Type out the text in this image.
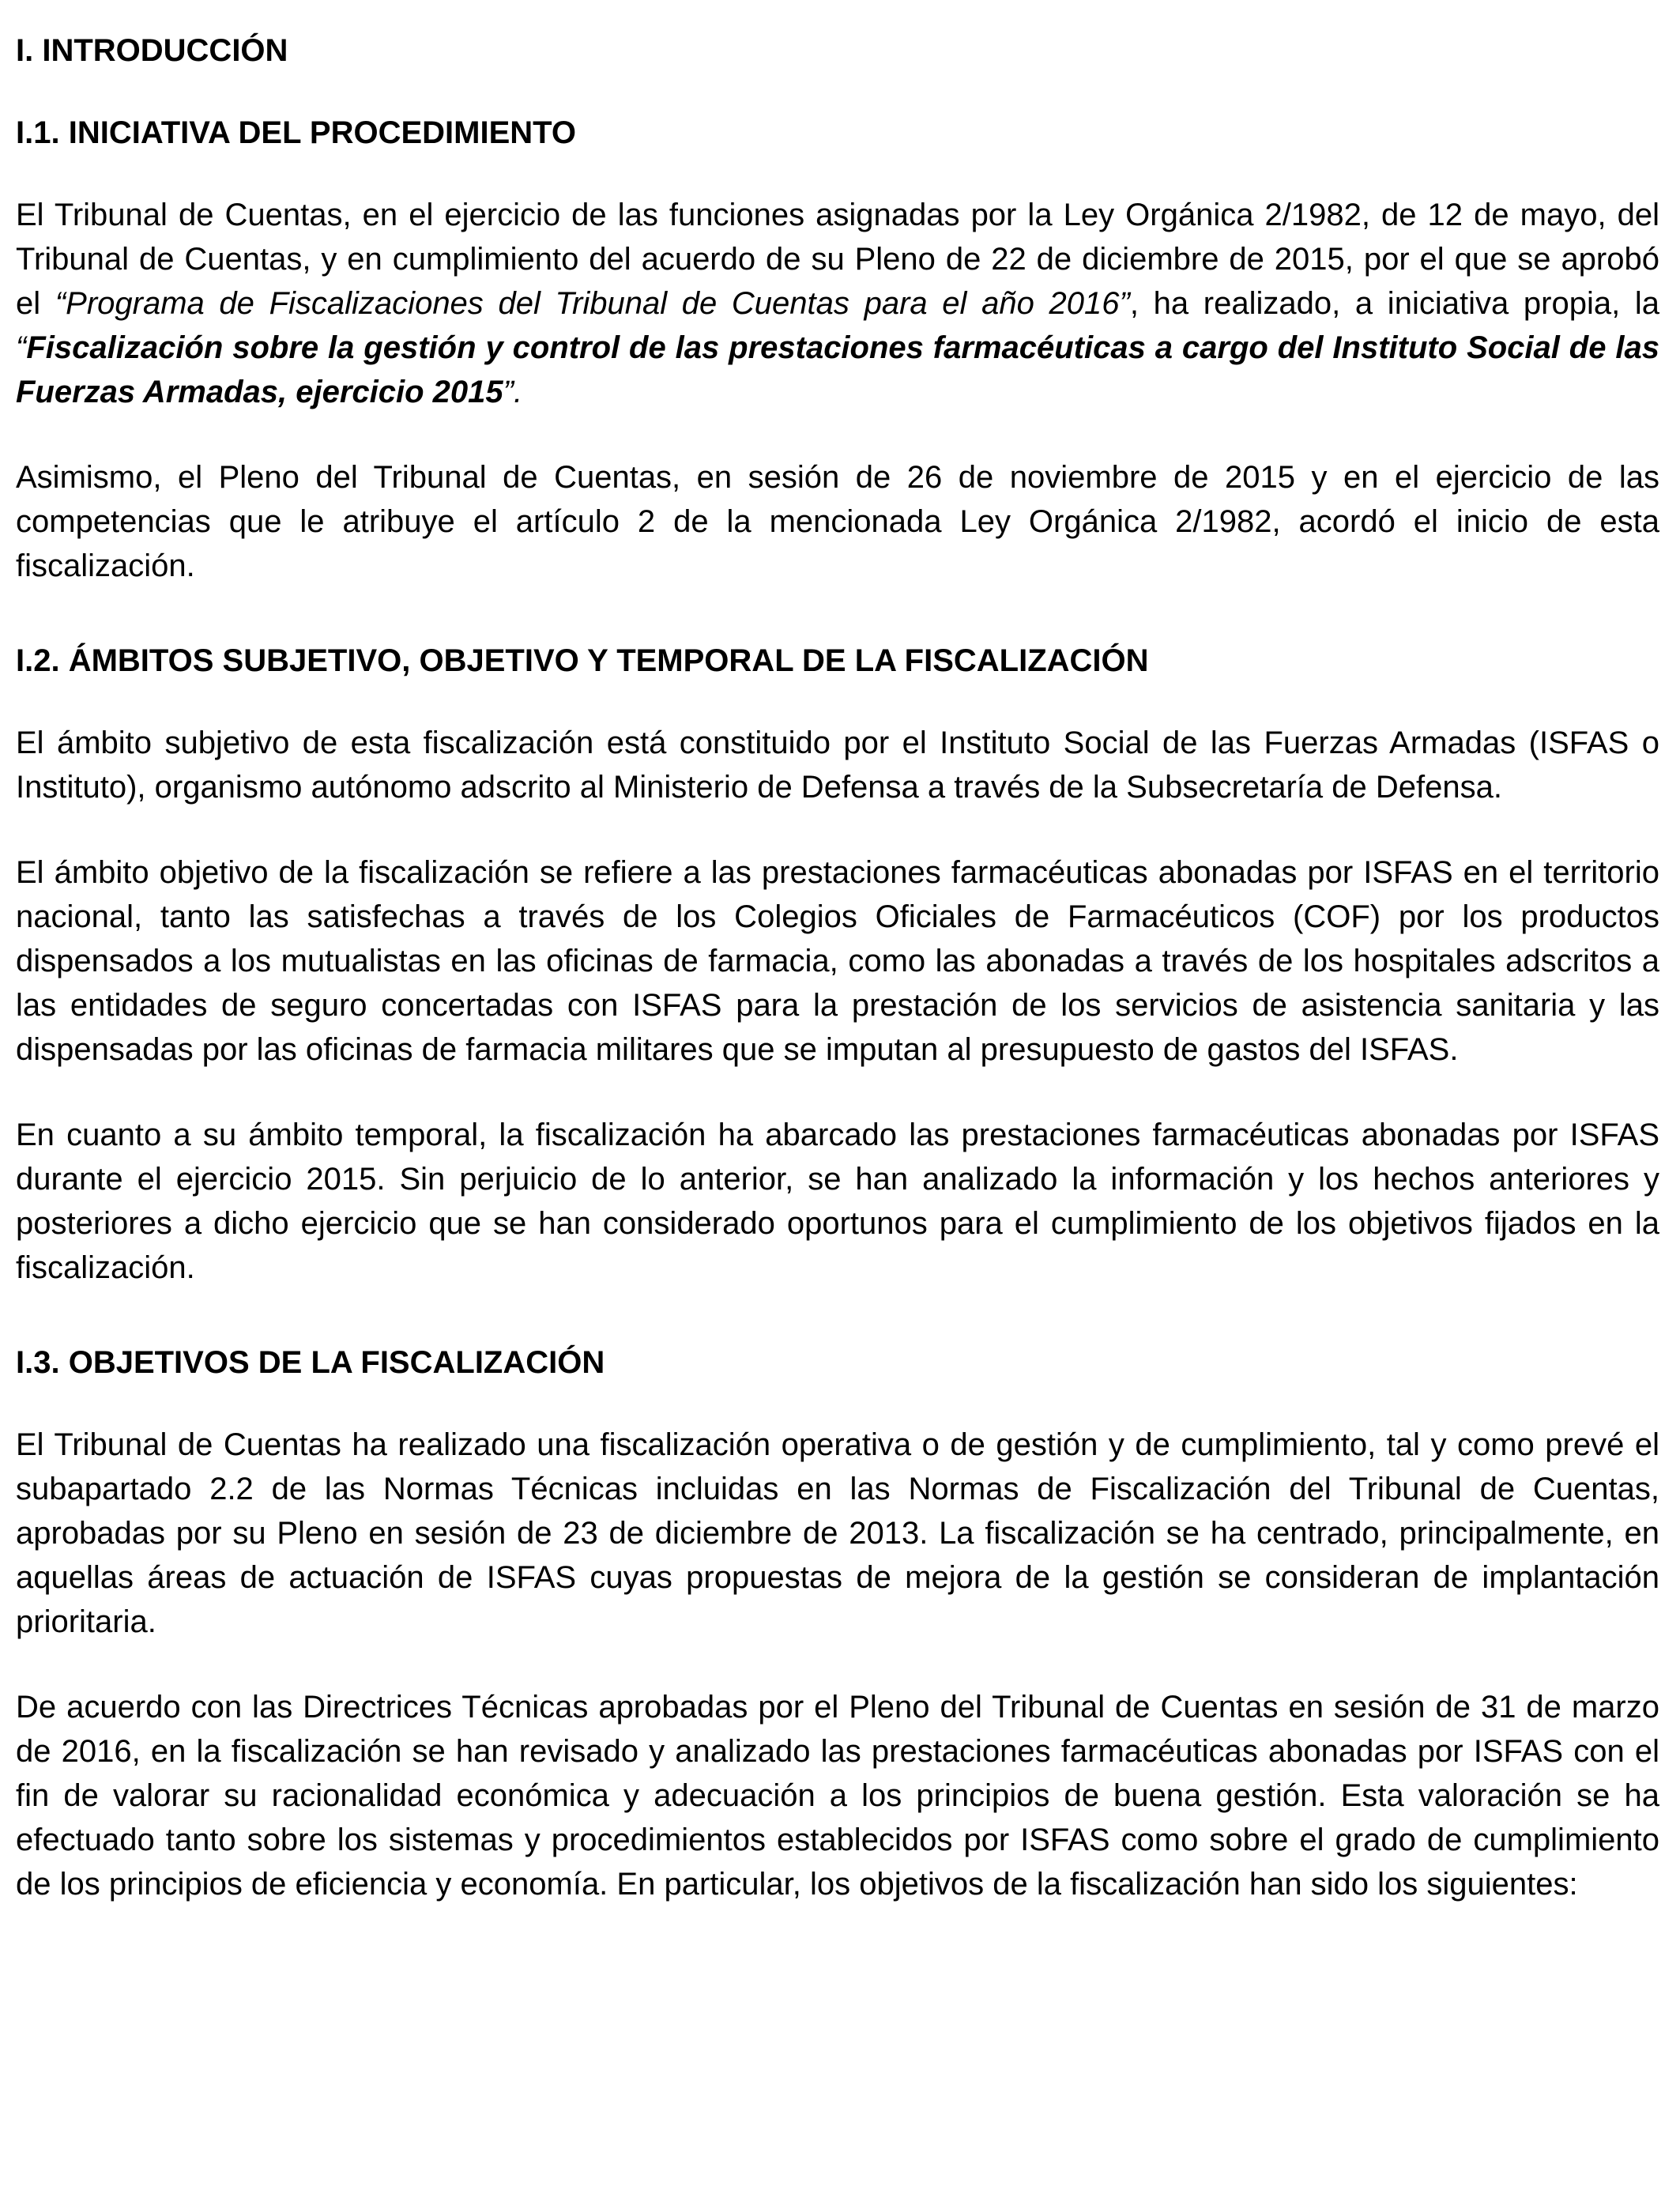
I. INTRODUCCIÓN
I.1. INICIATIVA DEL PROCEDIMIENTO

El Tribunal de Cuentas, en el ejercicio de las funciones asignadas por la Ley Orgánica 2/1982, de 12 de mayo, del Tribunal de Cuentas, y en cumplimiento del acuerdo de su Pleno de 22 de diciembre de 2015, por el que se aprobó el “Programa de Fiscalizaciones del Tribunal de Cuentas para el año 2016”, ha realizado, a iniciativa propia, la “Fiscalización sobre la gestión y control de las prestaciones farmacéuticas a cargo del Instituto Social de las Fuerzas Armadas, ejercicio 2015”.

Asimismo, el Pleno del Tribunal de Cuentas, en sesión de 26 de noviembre de 2015 y en el ejercicio de las competencias que le atribuye el artículo 2 de la mencionada Ley Orgánica 2/1982, acordó el inicio de esta fiscalización.

I.2. ÁMBITOS SUBJETIVO, OBJETIVO Y TEMPORAL DE LA FISCALIZACIÓN

El ámbito subjetivo de esta fiscalización está constituido por el Instituto Social de las Fuerzas Armadas (ISFAS o Instituto), organismo autónomo adscrito al Ministerio de Defensa a través de la Subsecretaría de Defensa.

El ámbito objetivo de la fiscalización se refiere a las prestaciones farmacéuticas abonadas por ISFAS en el territorio nacional, tanto las satisfechas a través de los Colegios Oficiales de Farmacéuticos (COF) por los productos dispensados a los mutualistas en las oficinas de farmacia, como las abonadas a través de los hospitales adscritos a las entidades de seguro concertadas con ISFAS para la prestación de los servicios de asistencia sanitaria y las dispensadas por las oficinas de farmacia militares que se imputan al presupuesto de gastos del ISFAS.

En cuanto a su ámbito temporal, la fiscalización ha abarcado las prestaciones farmacéuticas abonadas por ISFAS durante el ejercicio 2015. Sin perjuicio de lo anterior, se han analizado la información y los hechos anteriores y posteriores a dicho ejercicio que se han considerado oportunos para el cumplimiento de los objetivos fijados en la fiscalización.

I.3. OBJETIVOS DE LA FISCALIZACIÓN

El Tribunal de Cuentas ha realizado una fiscalización operativa o de gestión y de cumplimiento, tal y como prevé el subapartado 2.2 de las Normas Técnicas incluidas en las Normas de Fiscalización del Tribunal de Cuentas, aprobadas por su Pleno en sesión de 23 de diciembre de 2013. La fiscalización se ha centrado, principalmente, en aquellas áreas de actuación de ISFAS cuyas propuestas de mejora de la gestión se consideran de implantación prioritaria.

De acuerdo con las Directrices Técnicas aprobadas por el Pleno del Tribunal de Cuentas en sesión de 31 de marzo de 2016, en la fiscalización se han revisado y analizado las prestaciones farmacéuticas abonadas por ISFAS con el fin de valorar su racionalidad económica y adecuación a los principios de buena gestión. Esta valoración se ha efectuado tanto sobre los sistemas y procedimientos establecidos por ISFAS como sobre el grado de cumplimiento de los principios de eficiencia y economía. En particular, los objetivos de la fiscalización han sido los siguientes:
